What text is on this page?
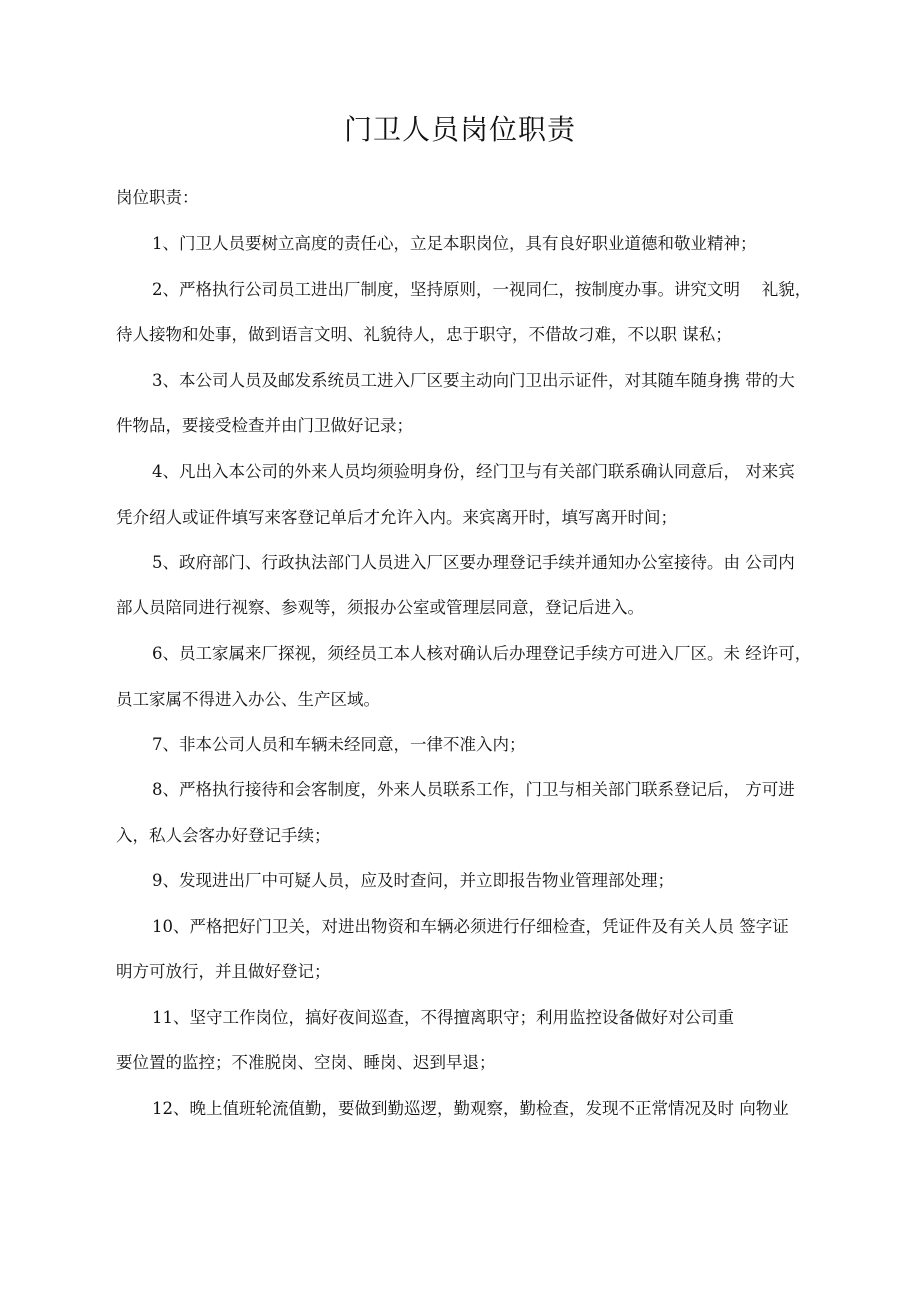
门卫人员岗位职责
岗位职责：
1、门卫人员要树立高度的责任心，立足本职岗位，具有良好职业道德和敬业精神；
2、严格执行公司员工进出厂制度，坚持原则，一视同仁，按制度办事。讲究文明　 礼貌，
待人接物和处事，做到语言文明、礼貌待人，忠于职守，不借故刁难，不以职 谋私；
3、本公司人员及邮发系统员工进入厂区要主动向门卫出示证件，对其随车随身携 带的大
件物品，要接受检查并由门卫做好记录；
4、凡出入本公司的外来人员均须验明身份，经门卫与有关部门联系确认同意后， 对来宾
凭介绍人或证件填写来客登记单后才允许入内。来宾离开时，填写离开时间；
5、政府部门、行政执法部门人员进入厂区要办理登记手续并通知办公室接待。由 公司内
部人员陪同进行视察、参观等，须报办公室或管理层同意，登记后进入。
6、员工家属来厂探视，须经员工本人核对确认后办理登记手续方可进入厂区。未 经许可，
员工家属不得进入办公、生产区域。
7、非本公司人员和车辆未经同意，一律不准入内；
8、严格执行接待和会客制度，外来人员联系工作，门卫与相关部门联系登记后， 方可进
入，私人会客办好登记手续；
9、发现进出厂中可疑人员，应及时查问，并立即报告物业管理部处理；
10、严格把好门卫关，对进出物资和车辆必须进行仔细检查，凭证件及有关人员 签字证
明方可放行，并且做好登记；
11、坚守工作岗位，搞好夜间巡查，不得擅离职守；利用监控设备做好对公司重
要位置的监控；不准脱岗、空岗、睡岗、迟到早退；
12、晚上值班轮流值勤，要做到勤巡逻，勤观察，勤检查，发现不正常情况及时 向物业
